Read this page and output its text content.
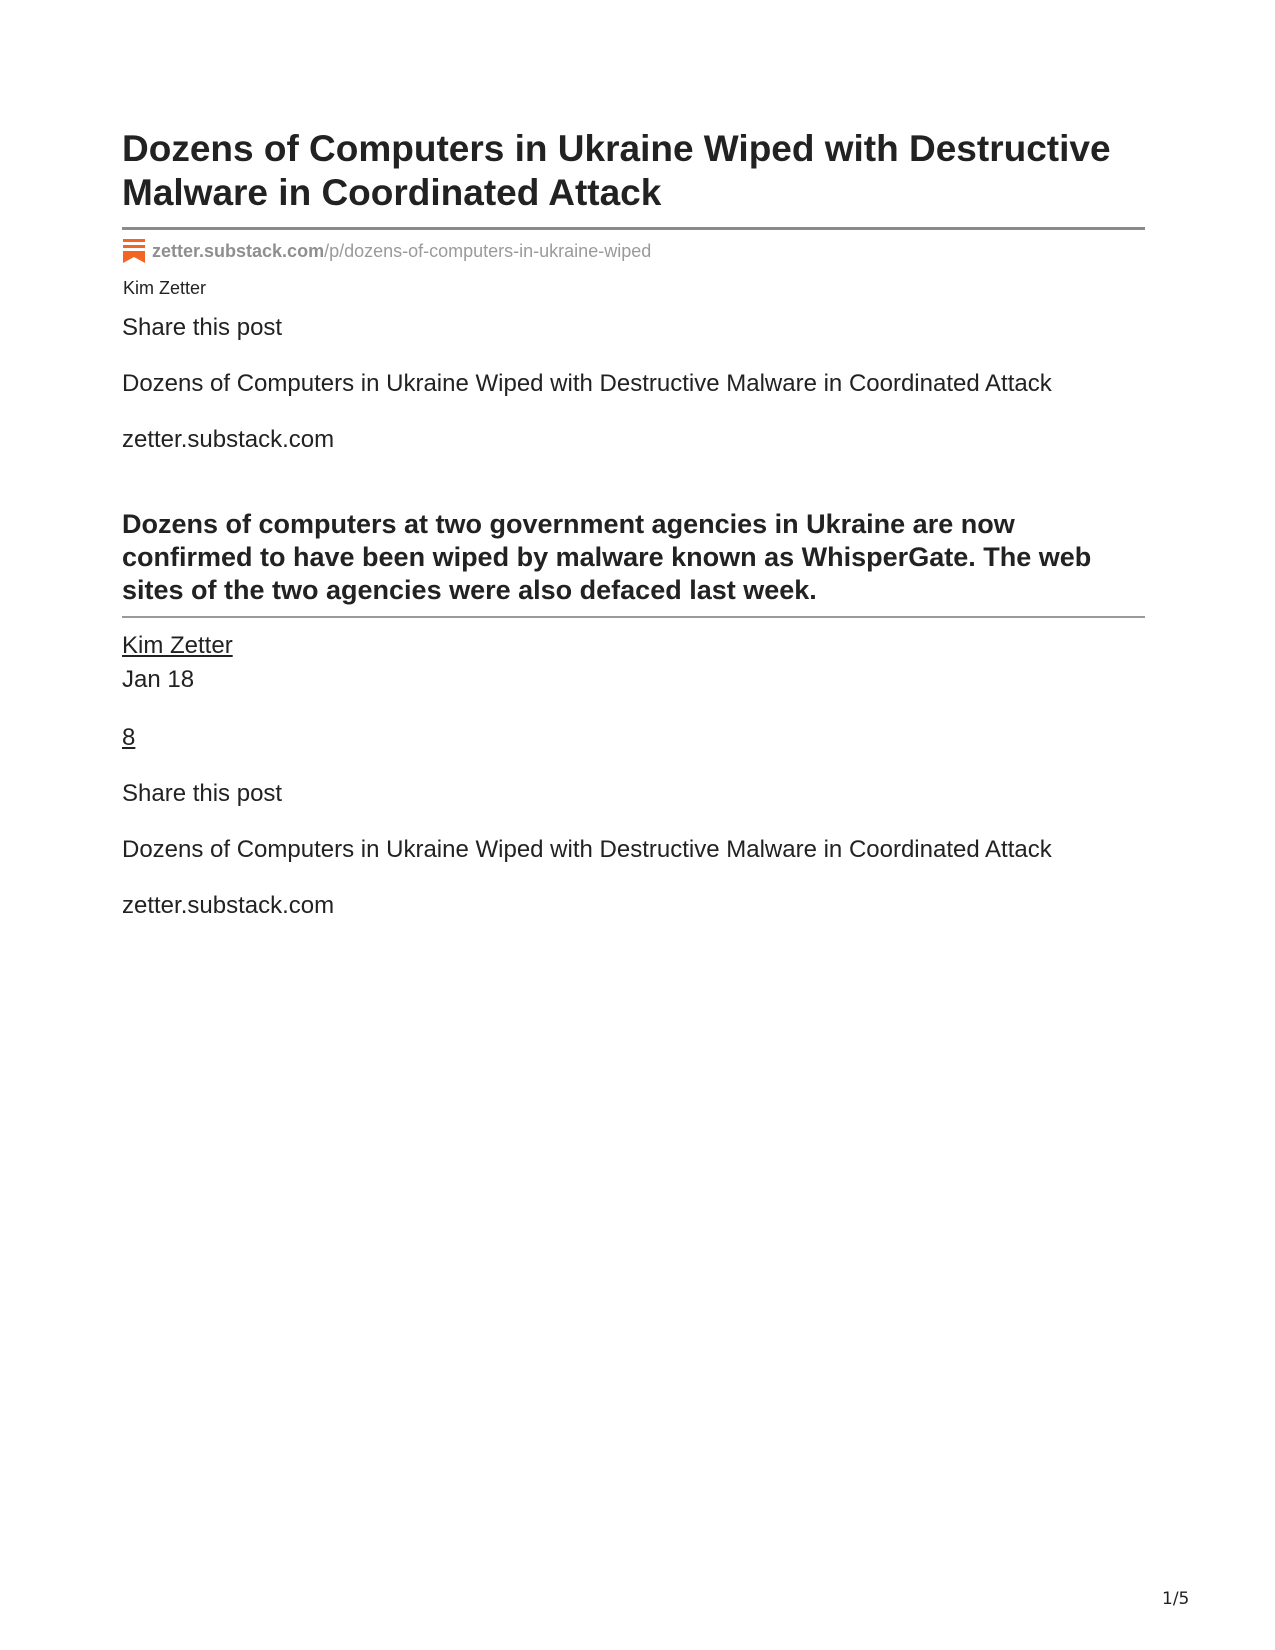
Dozens of Computers in Ukraine Wiped with Destructive Malware in Coordinated Attack
zetter.substack.com/p/dozens-of-computers-in-ukraine-wiped
Kim Zetter
Share this post
Dozens of Computers in Ukraine Wiped with Destructive Malware in Coordinated Attack
zetter.substack.com

Dozens of computers at two government agencies in Ukraine are now confirmed to have been wiped by malware known as WhisperGate. The web sites of the two agencies were also defaced last week.

Kim Zetter
Jan 18
8
Share this post
Dozens of Computers in Ukraine Wiped with Destructive Malware in Coordinated Attack
zetter.substack.com
1/5
